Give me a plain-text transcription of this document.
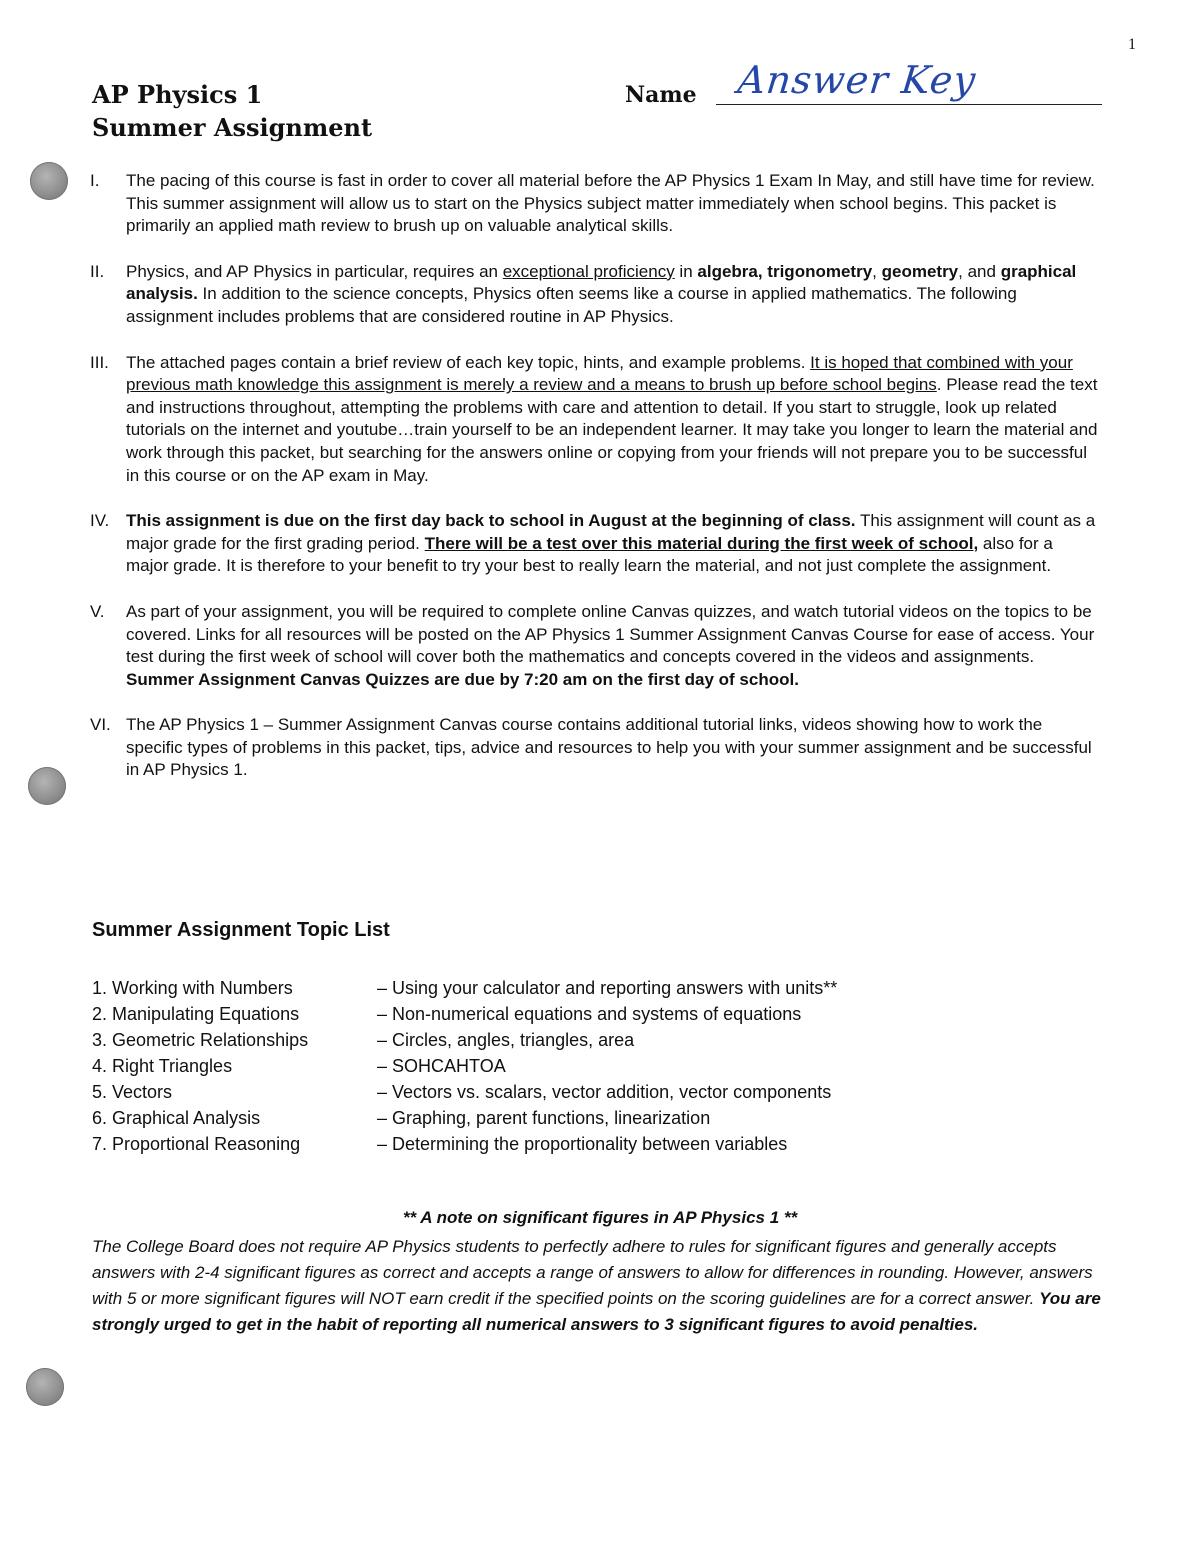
1
AP Physics 1
Summer Assignment
Name Answer Key
I.	The pacing of this course is fast in order to cover all material before the AP Physics 1 Exam In May, and still have time for review. This summer assignment will allow us to start on the Physics subject matter immediately when school begins. This packet is primarily an applied math review to brush up on valuable analytical skills.
II.	Physics, and AP Physics in particular, requires an exceptional proficiency in algebra, trigonometry, geometry, and graphical analysis. In addition to the science concepts, Physics often seems like a course in applied mathematics. The following assignment includes problems that are considered routine in AP Physics.
III.	The attached pages contain a brief review of each key topic, hints, and example problems. It is hoped that combined with your previous math knowledge this assignment is merely a review and a means to brush up before school begins. Please read the text and instructions throughout, attempting the problems with care and attention to detail. If you start to struggle, look up related tutorials on the internet and youtube…train yourself to be an independent learner. It may take you longer to learn the material and work through this packet, but searching for the answers online or copying from your friends will not prepare you to be successful in this course or on the AP exam in May.
IV. This assignment is due on the first day back to school in August at the beginning of class. This assignment will count as a major grade for the first grading period. There will be a test over this material during the first week of school, also for a major grade. It is therefore to your benefit to try your best to really learn the material, and not just complete the assignment.
V.	As part of your assignment, you will be required to complete online Canvas quizzes, and watch tutorial videos on the topics to be covered. Links for all resources will be posted on the AP Physics 1 Summer Assignment Canvas Course for ease of access. Your test during the first week of school will cover both the mathematics and concepts covered in the videos and assignments. Summer Assignment Canvas Quizzes are due by 7:20 am on the first day of school.
VI. The AP Physics 1 – Summer Assignment Canvas course contains additional tutorial links, videos showing how to work the specific types of problems in this packet, tips, advice and resources to help you with your summer assignment and be successful in AP Physics 1.
Summer Assignment Topic List
1. Working with Numbers	– Using your calculator and reporting answers with units**
2. Manipulating Equations	– Non-numerical equations and systems of equations
3. Geometric Relationships	– Circles, angles, triangles, area
4. Right Triangles	– SOHCAHTOA
5. Vectors	– Vectors vs. scalars, vector addition, vector components
6. Graphical Analysis	– Graphing, parent functions, linearization
7. Proportional Reasoning	– Determining the proportionality between variables
** A note on significant figures in AP Physics 1 **
The College Board does not require AP Physics students to perfectly adhere to rules for significant figures and generally accepts answers with 2-4 significant figures as correct and accepts a range of answers to allow for differences in rounding. However, answers with 5 or more significant figures will NOT earn credit if the specified points on the scoring guidelines are for a correct answer. You are strongly urged to get in the habit of reporting all numerical answers to 3 significant figures to avoid penalties.
